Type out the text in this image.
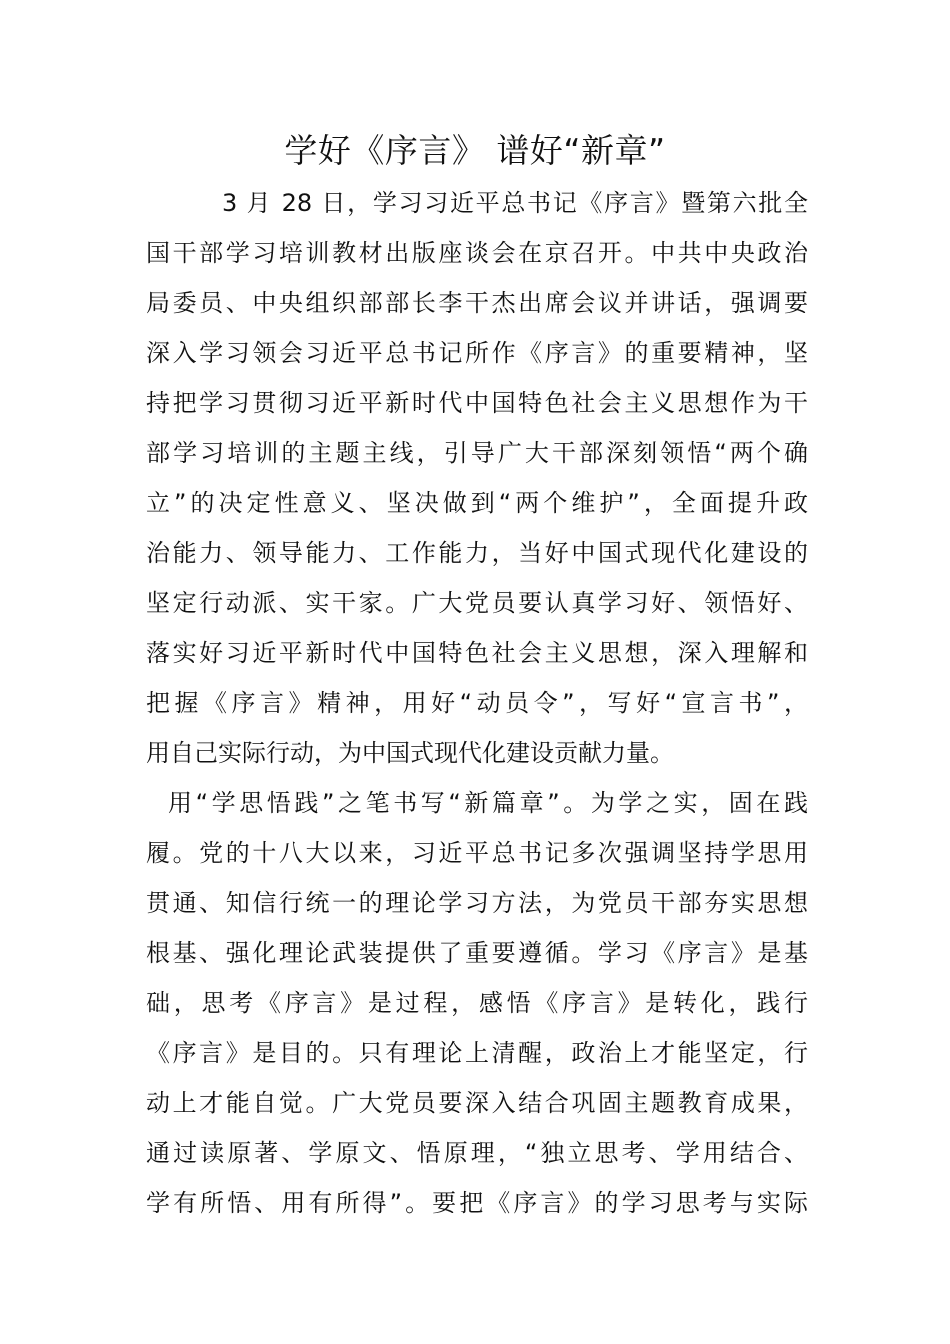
学好《序言》 谱好“新章”

3 月 28 日，学习习近平总书记《序言》暨第六批全
国干部学习培训教材出版座谈会在京召开。中共中央政治
局委员、中央组织部部长李干杰出席会议并讲话，强调要
深入学习领会习近平总书记所作《序言》的重要精神，坚
持把学习贯彻习近平新时代中国特色社会主义思想作为干
部学习培训的主题主线，引导广大干部深刻领悟“两个确
立”的决定性意义、坚决做到“两个维护”，全面提升政
治能力、领导能力、工作能力，当好中国式现代化建设的
坚定行动派、实干家。广大党员要认真学习好、领悟好、
落实好习近平新时代中国特色社会主义思想，深入理解和
把握《序言》精神，用好“动员令”，写好“宣言书”，
用自己实际行动，为中国式现代化建设贡献力量。

用“学思悟践”之笔书写“新篇章”。为学之实，固在践
履。党的十八大以来，习近平总书记多次强调坚持学思用
贯通、知信行统一的理论学习方法，为党员干部夯实思想
根基、强化理论武装提供了重要遵循。学习《序言》是基
础，思考《序言》是过程，感悟《序言》是转化，践行
《序言》是目的。只有理论上清醒，政治上才能坚定，行
动上才能自觉。广大党员要深入结合巩固主题教育成果，
通过读原著、学原文、悟原理，“独立思考、学用结合、
学有所悟、用有所得”。要把《序言》的学习思考与实际
